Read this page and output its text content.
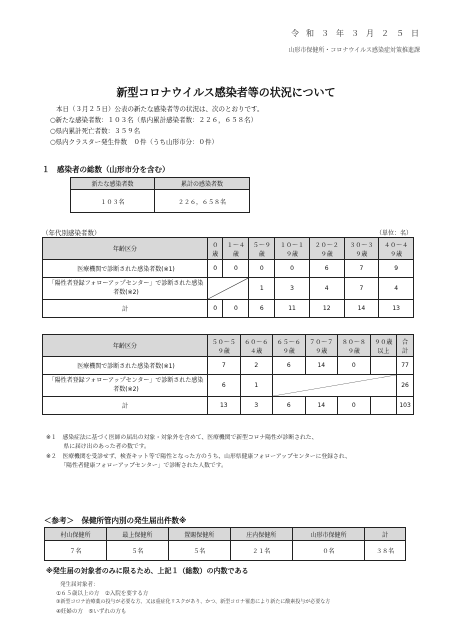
令和３年３月２５日
山形市保健所・コロナウイルス感染症対策推進課
新型コロナウイルス感染者等の状況について
本日（３月２５日）公表の新たな感染者等の状況は、次のとおりです。
○新たな感染者数：１０３名（県内累計感染者数：２２６，６５８名）
○県内累計死亡者数：３５９名
○県内クラスター発生件数　０件（うち山形市分：０件）
１　感染者の総数（山形市分を含む）
新たな感染者数	累計の感染者数
１０３名	２２６，６５８名
（年代別感染者数）	（単位：名）
年齢区分	０歳	１〜４歳	５〜９歳	１０〜１９歳	２０〜２９歳	３０〜３９歳	４０〜４９歳
医療機関で診断された感染者数(※1)	0	0	0	0	6	7	9
「陽性者登録フォローアップセンター」で診断された感染者数(※2)			1	3	4	7	4
計	0	0	6	11	12	14	13
年齢区分	５０〜５９歳	６０〜６４歳	６５〜６９歳	７０〜７９歳	８０〜８９歳	９０歳以上	合計
医療機関で診断された感染者数(※1)	7	2	6	14	0		77
「陽性者登録フォローアップセンター」で診断された感染者数(※2)	6	1					26
計	13	3	6	14	0		103
※１　感染症法に基づく医師の届出の対象・対象外を含めて、医療機関で新型コロナ陽性が診断された、
　　　県に届け出のあった者の数です。
※２　医療機関を受診せず、検査キット等で陽性となった方のうち、山形県健康フォローアップセンターに登録され、
　　　「陽性者健康フォローアップセンター」で診断された人数です。
＜参考＞　保健所管内別の発生届出件数※
村山保健所	最上保健所	置賜保健所	庄内保健所	山形市保健所	計
７名	５名	５名	２１名	０名	３８名
※発生届の対象者のみに限るため、上記１（総数）の内数である
発生届対象者：
①６５歳以上の方　②入院を要する方
③新型コロナ治療薬の投与が必要な方、又は重症化リスクがあり、かつ、新型コロナ罹患により新たに酸素投与が必要な方
④妊婦の方　⑤いずれの方も
